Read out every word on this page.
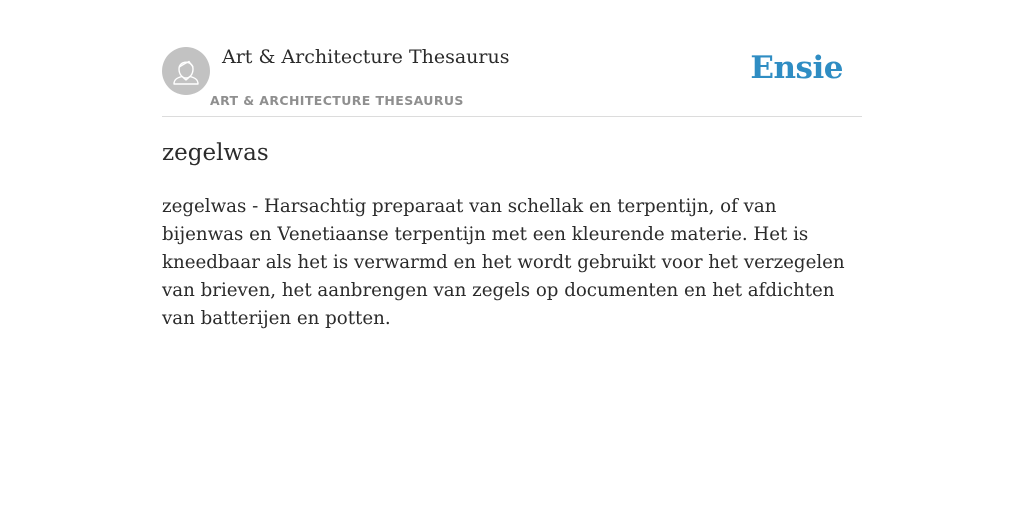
Art & Architecture Thesaurus
ART & ARCHITECTURE THESAURUS
Ensie
zegelwas

zegelwas - Harsachtig preparaat van schellak en terpentijn, of van bijenwas en Venetiaanse terpentijn met een kleurende materie. Het is kneedbaar als het is verwarmd en het wordt gebruikt voor het verzegelen van brieven, het aanbrengen van zegels op documenten en het afdichten van batterijen en potten.
